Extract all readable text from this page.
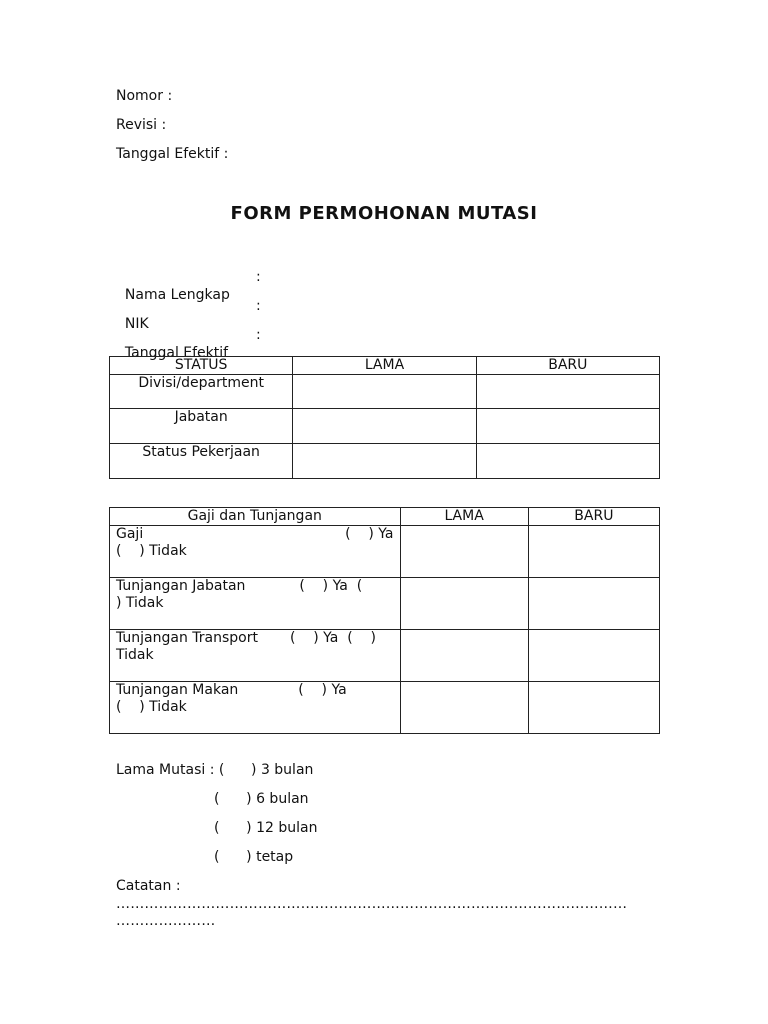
Nomor :
Revisi :
Tanggal Efektif :
FORM PERMOHONAN MUTASI

Nama Lengkap

:

NIK

:

Tanggal Efektif

:
STATUS	LAMA	BARU
Divisi/department		
Jabatan		
Status Pekerjaan		
Gaji dan Tunjangan	LAMA	BARU

Gaji (    ) Ya
(    ) Tidak		

Tunjangan Jabatan (    ) Ya  (
) Tidak		

Tunjangan Transport (    ) Ya  (    )
Tidak		

Tunjangan Makan (    ) Ya
(    ) Tidak		

Lama Mutasi : (      ) 3 bulan
(      ) 6 bulan
(      ) 12 bulan
(      ) tetap
Catatan :
………………………………………………………………………………………………
…………………
